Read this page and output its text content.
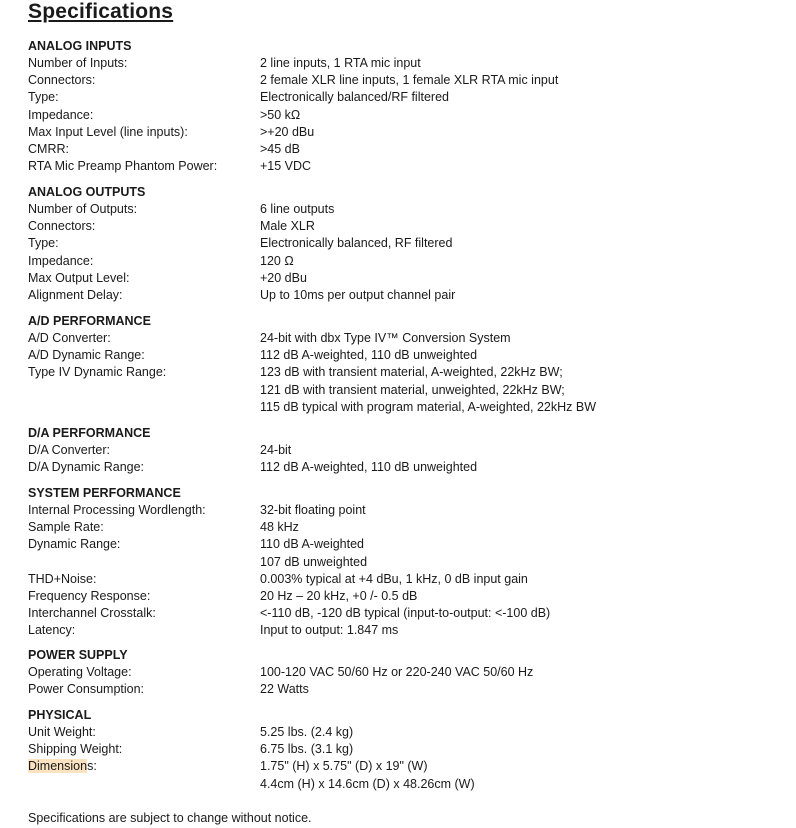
Specifications
ANALOG INPUTS
Number of Inputs:	2 line inputs, 1 RTA mic input
Connectors:	2 female XLR line inputs, 1 female XLR RTA mic input
Type:	Electronically balanced/RF filtered
Impedance:	>50 kΩ
Max Input Level (line inputs):	>+20 dBu
CMRR:	>45 dB
RTA Mic Preamp Phantom Power:	+15 VDC
ANALOG OUTPUTS
Number of Outputs:	6 line outputs
Connectors:	Male XLR
Type:	Electronically balanced, RF filtered
Impedance:	120 Ω
Max Output Level:	+20 dBu
Alignment Delay:	Up to 10ms per output channel pair
A/D PERFORMANCE
A/D Converter:	24-bit with dbx Type IV™ Conversion System
A/D Dynamic Range:	112 dB A-weighted, 110 dB unweighted
Type IV Dynamic Range:	123 dB with transient material, A-weighted, 22kHz BW;
121 dB with transient material, unweighted, 22kHz BW;
115 dB typical with program material, A-weighted, 22kHz BW
D/A PERFORMANCE
D/A Converter:	24-bit
D/A Dynamic Range:	112 dB A-weighted, 110 dB unweighted
SYSTEM PERFORMANCE
Internal Processing Wordlength:	32-bit floating point
Sample Rate:	48 kHz
Dynamic Range:	110 dB A-weighted
107 dB unweighted
THD+Noise:	0.003% typical at +4 dBu, 1 kHz, 0 dB input gain
Frequency Response:	20 Hz – 20 kHz, +0 /- 0.5 dB
Interchannel Crosstalk:	<-110 dB, -120 dB typical (input-to-output: <-100 dB)
Latency:	Input to output: 1.847 ms
POWER SUPPLY
Operating Voltage:	100-120 VAC 50/60 Hz or 220-240 VAC 50/60 Hz
Power Consumption:	22 Watts
PHYSICAL
Unit Weight:	5.25 lbs. (2.4 kg)
Shipping Weight:	6.75 lbs. (3.1 kg)
Dimensions:	1.75" (H) x 5.75" (D) x 19" (W)
4.4cm (H) x 14.6cm (D) x 48.26cm (W)
Specifications are subject to change without notice.
